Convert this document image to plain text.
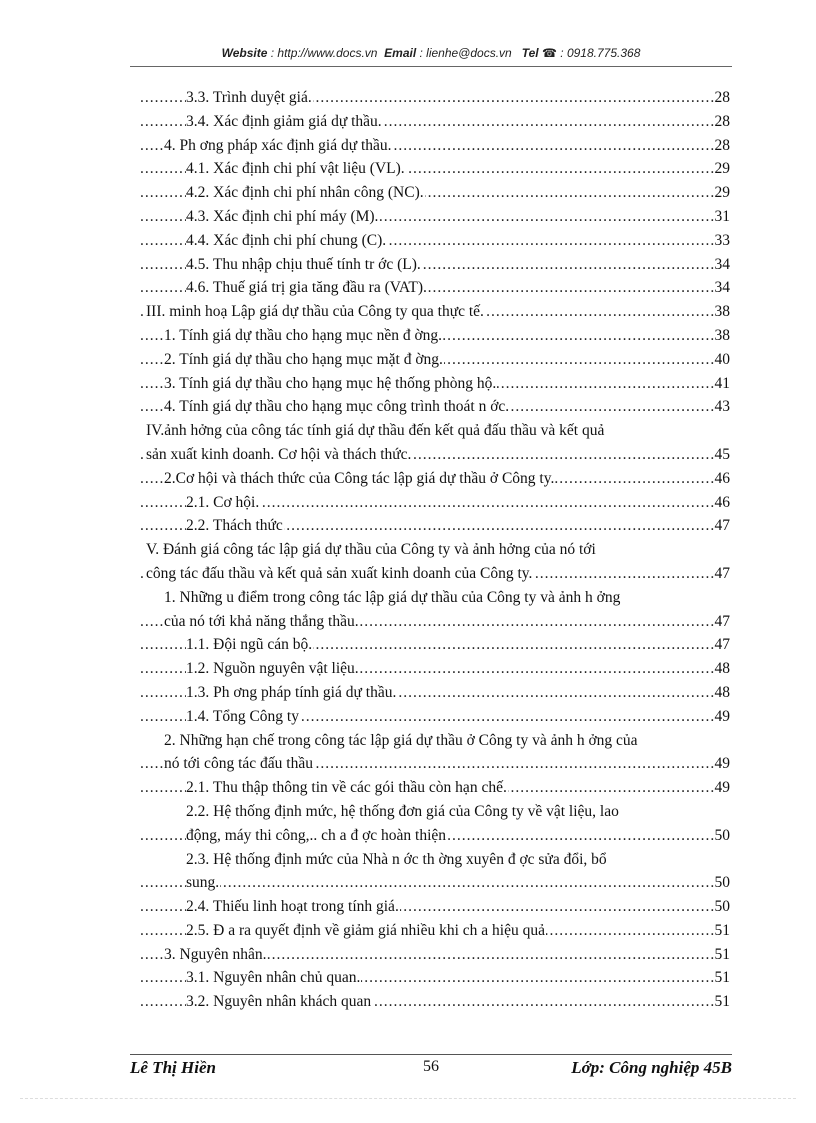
Website : http://www.docs.vn Email : lienhe@docs.vn Tel ☎ : 0918.775.368
3.3. Trình duyệt giá.	28
.....
3.4. Xác định giảm giá dự thầu.	28
.....
4. Ph ơng pháp xác định giá dự thầu.	28
.....
4.1. Xác định chi phí vật liệu (VL).	29
.....
4.2. Xác định chi phí nhân công (NC).	29
.....
4.3. Xác định chi phí máy (M).	31
.....
4.4. Xác định chi phí chung (C).	33
.....
4.5. Thu nhập chịu thuế tính tr ớc (L).	34
.....
4.6. Thuế giá trị gia tăng đầu ra (VAT).	34
.....
III. minh hoạ Lập giá dự thầu của Công ty qua thực tế.	38
.....
1. Tính giá dự thầu cho hạng mục nền đ ờng.	38
.....
2. Tính giá dự thầu cho hạng mục mặt đ ờng.	40
.....
3. Tính giá dự thầu cho hạng mục hệ thống phòng hộ.	41
.....
4. Tính giá dự thầu cho hạng mục công trình thoát n ớc.	43
.....
IV.ảnh hởng của công tác tính giá dự thầu đến kết quả đấu thầu và kết quả
sản xuất kinh doanh. Cơ hội và thách thức.	45
.....
2.Cơ hội và thách thức của Công tác lập giá dự thầu ở Công ty.	46
.....
2.1. Cơ hội.	46
.....
2.2. Thách thức	47
.....
V. Đánh giá công tác lập giá dự thầu của Công ty và ảnh hởng của nó tới
công tác đấu thầu và kết quả sản xuất kinh doanh của Công ty.	47
.....
1. Những u điểm trong công tác lập giá dự thầu của Công ty và ảnh h ởng
của nó tới khả năng thắng thầu.	47
.....
1.1. Đội ngũ cán bộ.	47
.....
1.2. Nguồn nguyên vật liệu.	48
.....
1.3. Ph ơng pháp tính giá dự thầu.	48
.....
1.4. Tổng Công ty	49
.....
2. Những hạn chế trong công tác lập giá dự thầu ở Công ty và ảnh h ởng của
nó tới công tác đấu thầu	49
.....
2.1. Thu thập thông tin về các gói thầu còn hạn chế.	49
.....
2.2. Hệ thống định mức, hệ thống đơn giá của Công ty về vật liệu, lao
động, máy thi công,.. ch a đ ợc hoàn thiện	50
.....
2.3. Hệ thống định mức của Nhà n ớc th ờng xuyên đ ợc sửa đổi, bổ
sung.	50
.....
2.4. Thiếu linh hoạt trong tính giá.	50
.....
2.5. Đ a ra quyết định về giảm giá nhiều khi ch a hiệu quả	51
.....
3. Nguyên nhân.	51
.....
3.1. Nguyên nhân chủ quan.	51
.....
3.2. Nguyên nhân khách quan	51
.....
Lê Thị Hiền	56	Lớp: Công nghiệp 45B
